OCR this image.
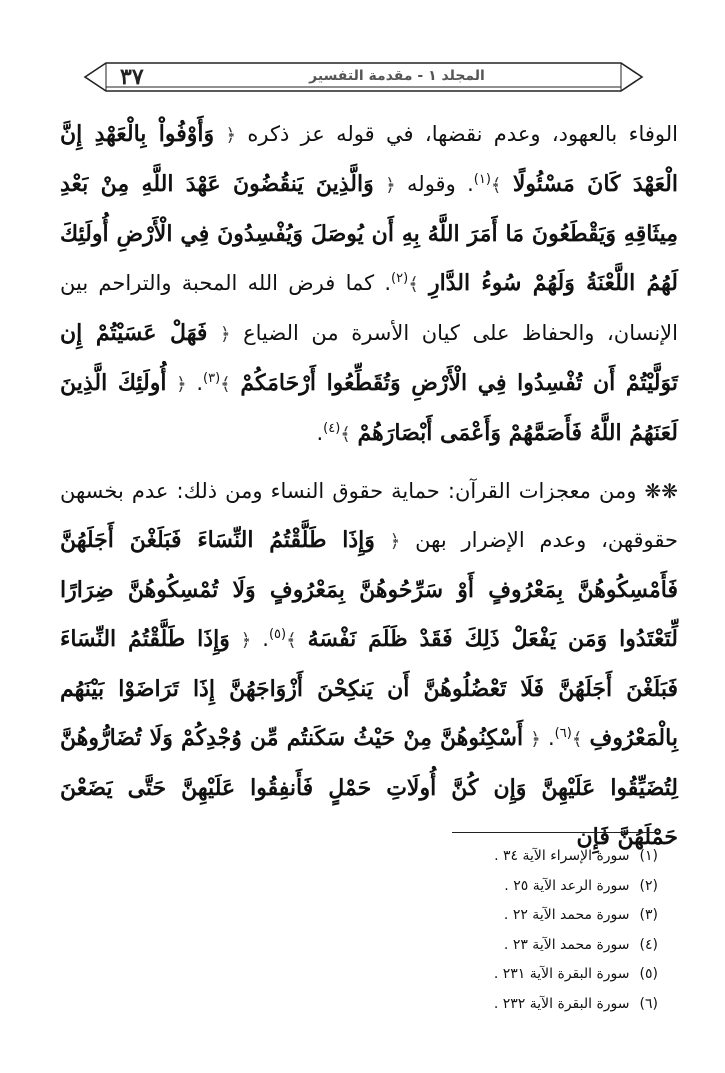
٣٧	المجلد ١ - مقدمة التفسير

الوفاء بالعهود، وعدم نقضها، في قوله عز ذكره ﴿ وَأَوْفُواْ بِالْعَهْدِ إِنَّ الْعَهْدَ كَانَ مَسْئُولًا ﴾$^{(١)}$. وقوله ﴿ وَالَّذِينَ يَنقُضُونَ عَهْدَ اللَّهِ مِنْ بَعْدِ مِيثَاقِهِ وَيَقْطَعُونَ مَا أَمَرَ اللَّهُ بِهِ أَن يُوصَلَ وَيُفْسِدُونَ فِي الْأَرْضِ أُولَئِكَ لَهُمُ اللَّعْنَةُ وَلَهُمْ سُوءُ الدَّارِ ﴾$^{(٢)}$. كما فرض الله المحبة والتراحم بين الإنسان، والحفاظ على كيان الأسرة من الضياع ﴿ فَهَلْ عَسَيْتُمْ إِن تَوَلَّيْتُمْ أَن تُفْسِدُوا فِي الْأَرْضِ وَتُقَطِّعُوا أَرْحَامَكُمْ ﴾$^{(٣)}$. ﴿ أُولَئِكَ الَّذِينَ لَعَنَهُمُ اللَّهُ فَأَصَمَّهُمْ وَأَعْمَى أَبْصَارَهُمْ ﴾$^{(٤)}$.

❋❋ ومن معجزات القرآن: حماية حقوق النساء ومن ذلك: عدم بخسهن حقوقهن، وعدم الإضرار بهن ﴿ وَإِذَا طَلَّقْتُمُ النِّسَاءَ فَبَلَغْنَ أَجَلَهُنَّ فَأَمْسِكُوهُنَّ بِمَعْرُوفٍ أَوْ سَرِّحُوهُنَّ بِمَعْرُوفٍ وَلَا تُمْسِكُوهُنَّ ضِرَارًا لِّتَعْتَدُوا وَمَن يَفْعَلْ ذَلِكَ فَقَدْ ظَلَمَ نَفْسَهُ ﴾$^{(٥)}$. ﴿ وَإِذَا طَلَّقْتُمُ النِّسَاءَ فَبَلَغْنَ أَجَلَهُنَّ فَلَا تَعْضُلُوهُنَّ أَن يَنكِحْنَ أَزْوَاجَهُنَّ إِذَا تَرَاضَوْا بَيْنَهُم بِالْمَعْرُوفِ ﴾$^{(٦)}$. ﴿ أَسْكِنُوهُنَّ مِنْ حَيْثُ سَكَنتُم مِّن وُجْدِكُمْ وَلَا تُضَارُّوهُنَّ لِتُضَيِّقُوا عَلَيْهِنَّ وَإِن كُنَّ أُولَاتِ حَمْلٍ فَأَنفِقُوا عَلَيْهِنَّ حَتَّى يَضَعْنَ حَمْلَهُنَّ فَإِن

(١)سورة الإسراء الآية ٣٤ .
(٢)سورة الرعد الآية ٢٥ .
(٣)سورة محمد الآية ٢٢ .
(٤)سورة محمد الآية ٢٣ .
(٥)سورة البقرة الآية ٢٣١ .
(٦)سورة البقرة الآية ٢٣٢ .
